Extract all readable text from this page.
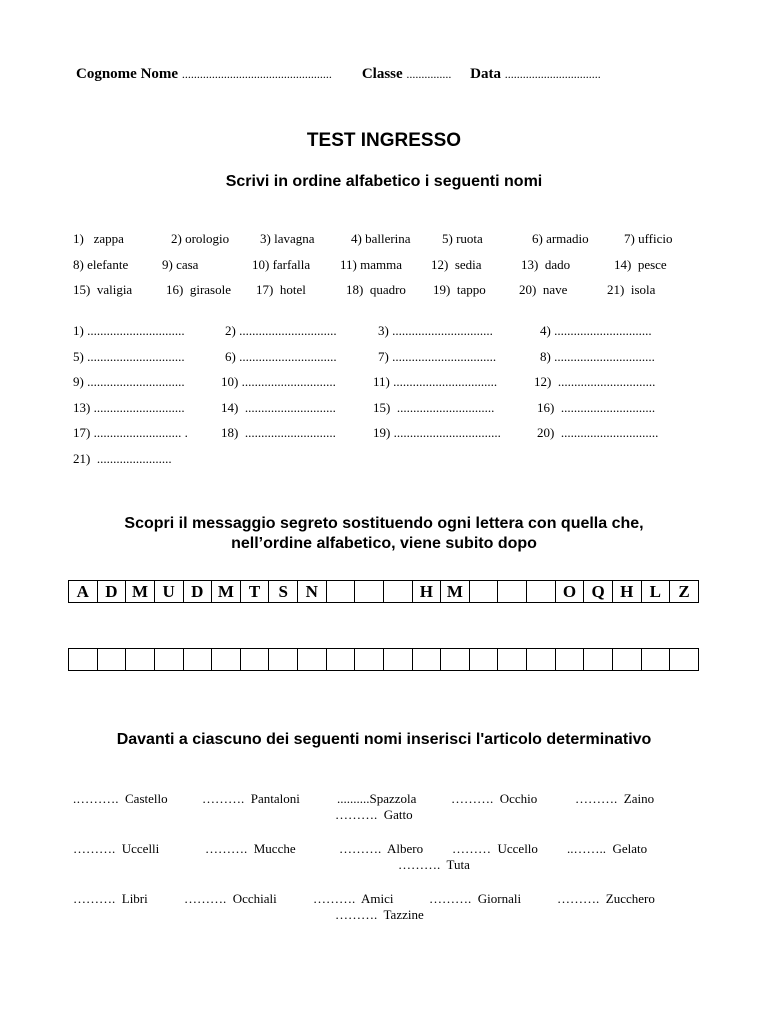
Cognome Nome .................................................. Classe ............... Data ................................
TEST INGRESSO
Scrivi in ordine alfabetico i seguenti nomi
1)   zappa	2) orologio 3) lavagna	4) ballerina 5) ruota	6) armadio	7) ufficio
8) elefante	9) casa	10) farfalla 11) mamma 12)  sedia	13)  dado	14)  pesce
15)  valigia	16)  girasole 17)  hotel	18)  quadro 19)  tappo	20)  nave	21)  isola
1) ..............................	2) ..............................	3) ...............................	4) ..............................
5) ..............................	6) ..............................	7) ................................	8) ...............................
9) ..............................	10) .............................	11) ................................	12)  ..............................
13) ............................	14)  ............................	15)  ..............................	16)  .............................
17) ........................... .	18)  ............................	19) .................................	20)  ..............................
21)  .......................
Scopri il messaggio segreto sostituendo ogni lettera con quella che,
nell’ordine alfabetico, viene subito dopo
A	D	M	U	D	M	T	S	N				H	M				O	Q	H	L	Z

Davanti a ciascuno dei seguenti nomi inserisci l'articolo determinativo
.……….  Castello	……….  Pantaloni	..........Spazzola	……….  Occhio	……….  Zaino
……….  Gatto
……….  Uccelli	……….  Mucche	……….  Albero ………  Uccello ..……..  Gelato
……….  Tuta
……….  Libri	……….  Occhiali	……….  Amici	……….  Giornali	……….  Zucchero
……….  Tazzine
